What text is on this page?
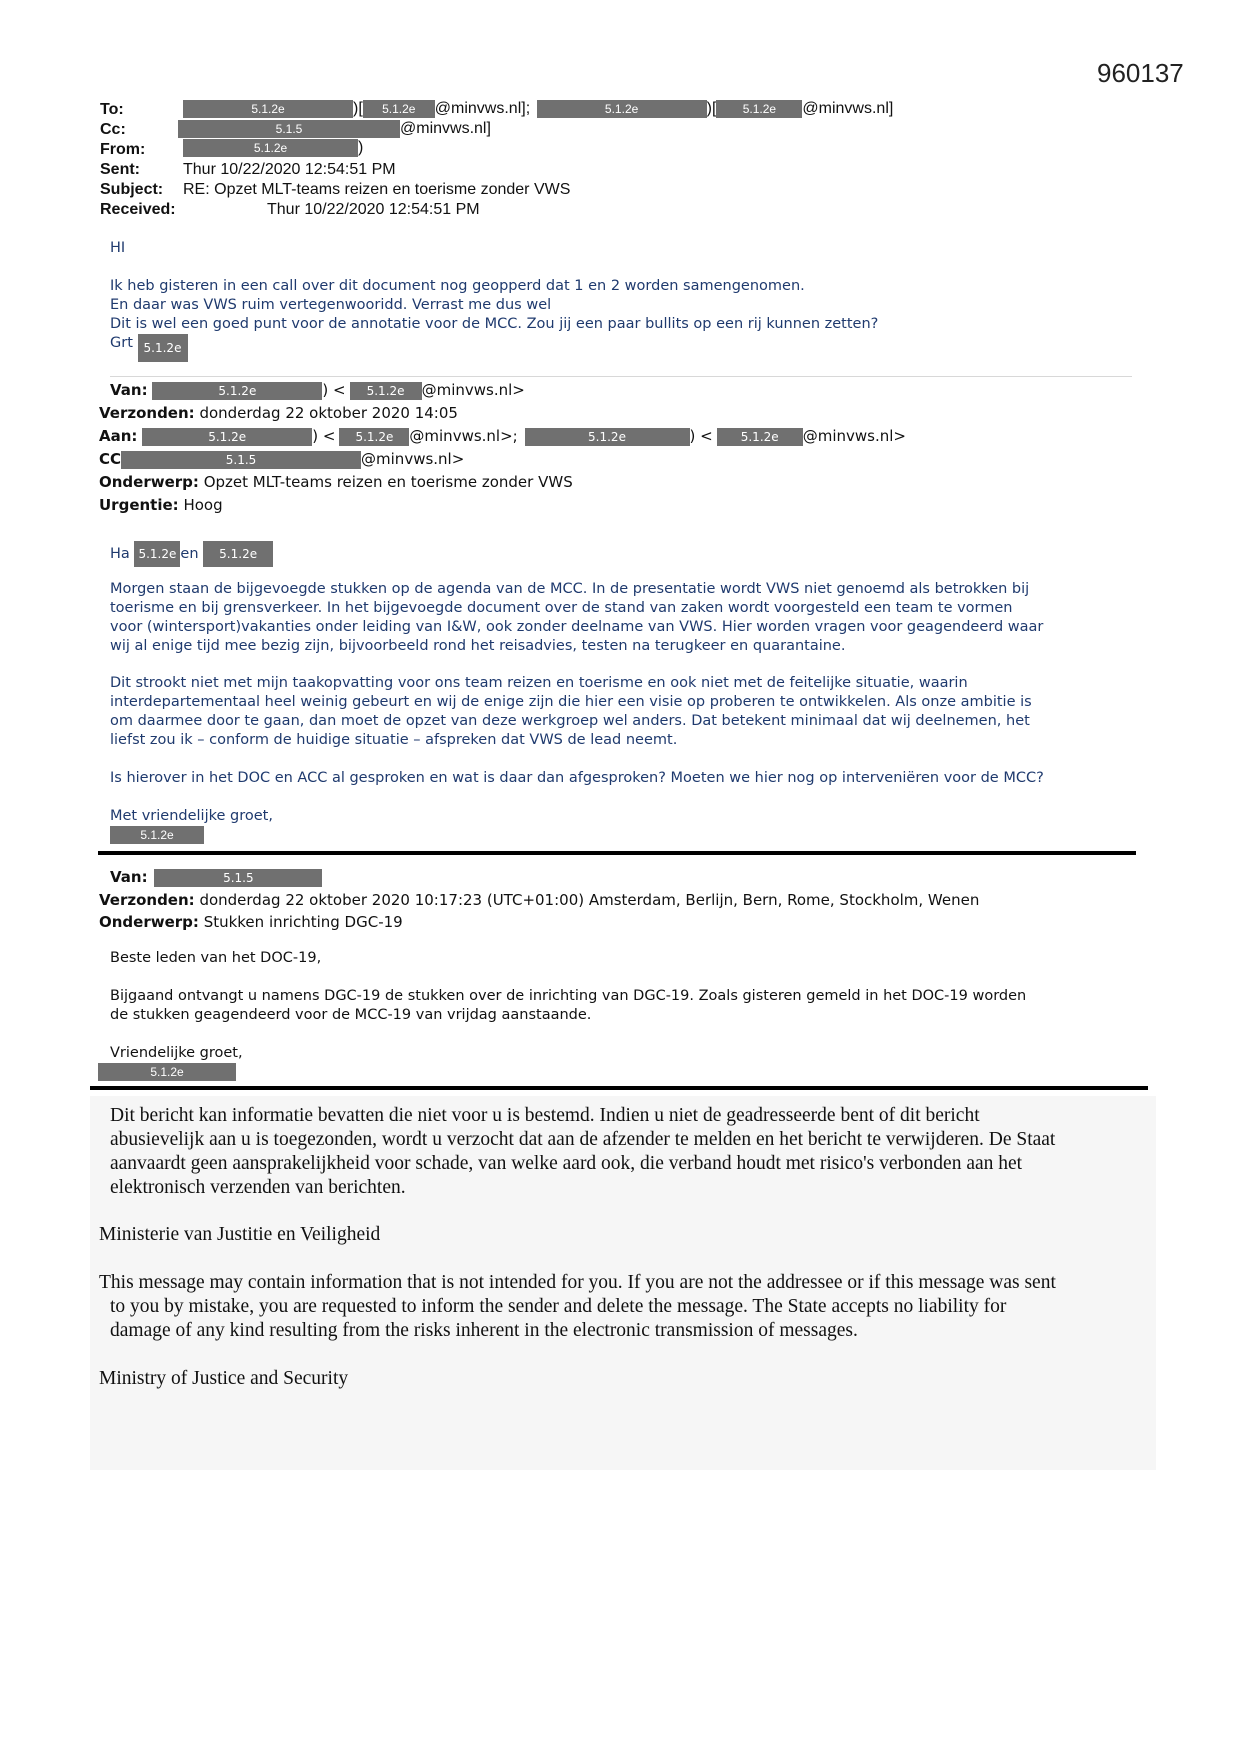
960137
To:	5.1.2e	)[ 5.1.2e @minvws.nl];	5.1.2e	)[ 5.1.2e @minvws.nl]
Cc:	5.1.5	@minvws.nl]
From:	5.1.2e	)
Sent:	Thur 10/22/2020 12:54:51 PM
Subject: RE: Opzet MLT-teams reizen en toerisme zonder VWS
Received:	Thur 10/22/2020 12:54:51 PM
HI
Ik heb gisteren in een call over dit document nog geopperd dat 1 en 2 worden samengenomen.
En daar was VWS ruim vertegenwooridd. Verrast me dus wel
Dit is wel een goed punt voor de annotatie voor de MCC. Zou jij een paar bullits op een rij kunnen zetten?
Grt 5.1.2e
Van:	5.1.2e	) < 5.1.2e @minvws.nl>
Verzonden: donderdag 22 oktober 2020 14:05
Aan:	5.1.2e	) < 5.1.2e @minvws.nl>;	5.1.2e	) < 5.1.2e @minvws.nl>
CC	5.1.5	@minvws.nl>
Onderwerp: Opzet MLT-teams reizen en toerisme zonder VWS
Urgentie: Hoog
Ha 5.1.2e en 5.1.2e
Morgen staan de bijgevoegde stukken op de agenda van de MCC. In de presentatie wordt VWS niet genoemd als betrokken bij
toerisme en bij grensverkeer. In het bijgevoegde document over de stand van zaken wordt voorgesteld een team te vormen
voor (wintersport)vakanties onder leiding van I&W, ook zonder deelname van VWS. Hier worden vragen voor geagendeerd waar
wij al enige tijd mee bezig zijn, bijvoorbeeld rond het reisadvies, testen na terugkeer en quarantaine.
Dit strookt niet met mijn taakopvatting voor ons team reizen en toerisme en ook niet met de feitelijke situatie, waarin
interdepartementaal heel weinig gebeurt en wij de enige zijn die hier een visie op proberen te ontwikkelen. Als onze ambitie is
om daarmee door te gaan, dan moet de opzet van deze werkgroep wel anders. Dat betekent minimaal dat wij deelnemen, het
liefst zou ik – conform de huidige situatie – afspreken dat VWS de lead neemt.
Is hierover in het DOC en ACC al gesproken en wat is daar dan afgesproken? Moeten we hier nog op interveniëren voor de MCC?
Met vriendelijke groet,
5.1.2e
Van:	5.1.5
Verzonden: donderdag 22 oktober 2020 10:17:23 (UTC+01:00) Amsterdam, Berlijn, Bern, Rome, Stockholm, Wenen
Onderwerp: Stukken inrichting DGC-19
Beste leden van het DOC-19,
Bijgaand ontvangt u namens DGC-19 de stukken over de inrichting van DGC-19. Zoals gisteren gemeld in het DOC-19 worden
de stukken geagendeerd voor de MCC-19 van vrijdag aanstaande.
Vriendelijke groet,
5.1.2e
Dit bericht kan informatie bevatten die niet voor u is bestemd. Indien u niet de geadresseerde bent of dit bericht
abusievelijk aan u is toegezonden, wordt u verzocht dat aan de afzender te melden en het bericht te verwijderen. De Staat
aanvaardt geen aansprakelijkheid voor schade, van welke aard ook, die verband houdt met risico's verbonden aan het
elektronisch verzenden van berichten.
Ministerie van Justitie en Veiligheid
This message may contain information that is not intended for you. If you are not the addressee or if this message was sent
to you by mistake, you are requested to inform the sender and delete the message. The State accepts no liability for
damage of any kind resulting from the risks inherent in the electronic transmission of messages.
Ministry of Justice and Security
